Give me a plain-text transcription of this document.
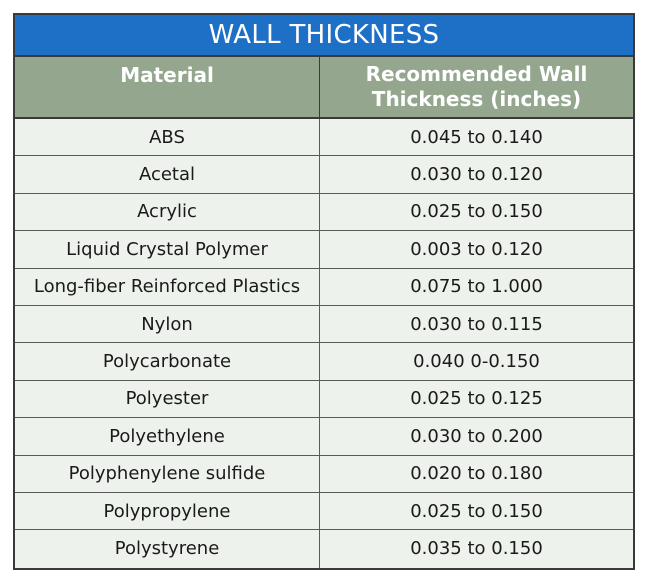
WALL THICKNESS
Material	Recommended Wall Thickness (inches)
ABS	0.045 to 0.140
Acetal	0.030 to 0.120
Acrylic	0.025 to 0.150
Liquid Crystal Polymer	0.003 to 0.120
Long-fiber Reinforced Plastics	0.075 to 1.000
Nylon	0.030 to 0.115
Polycarbonate	0.040 0-0.150
Polyester	0.025 to 0.125
Polyethylene	0.030 to 0.200
Polyphenylene sulfide	0.020 to 0.180
Polypropylene	0.025 to 0.150
Polystyrene	0.035 to 0.150
